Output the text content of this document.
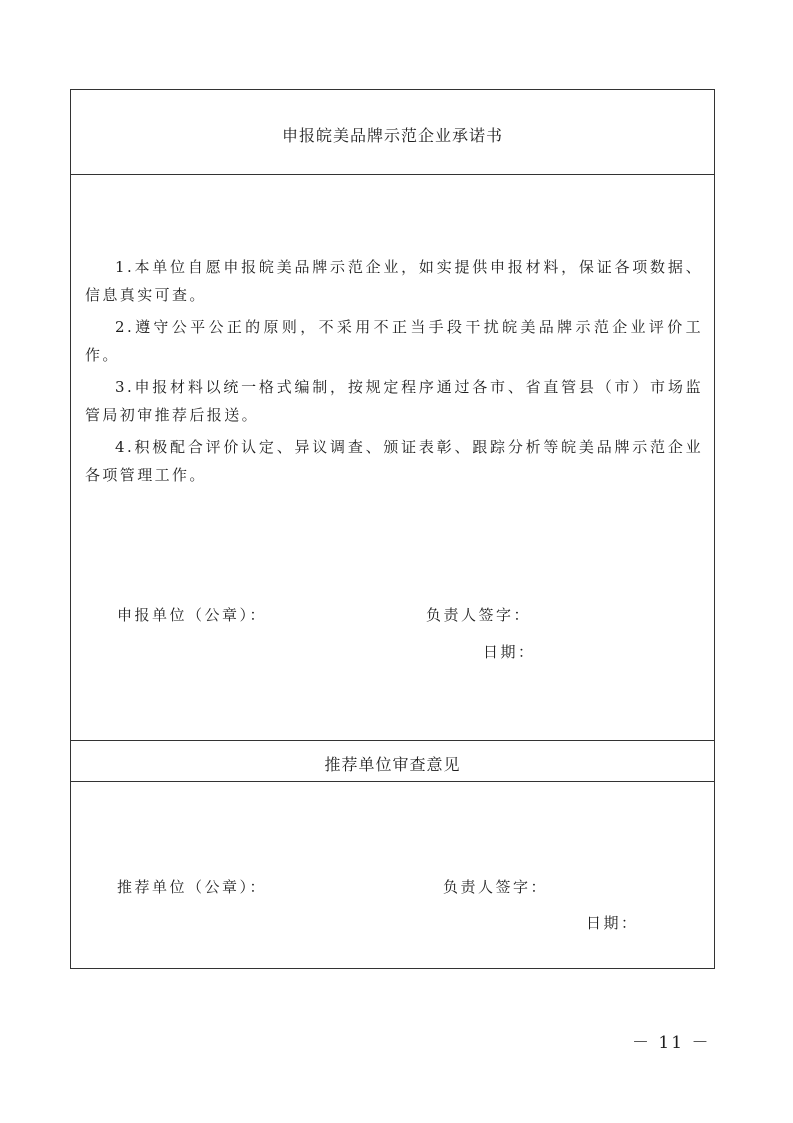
申报皖美品牌示范企业承诺书

1.本单位自愿申报皖美品牌示范企业，如实提供申报材料，保证各项数据、信息真实可查。

2.遵守公平公正的原则，不采用不正当手段干扰皖美品牌示范企业评价工作。

3.申报材料以统一格式编制，按规定程序通过各市、省直管县（市）市场监管局初审推荐后报送。

4.积极配合评价认定、异议调查、颁证表彰、跟踪分析等皖美品牌示范企业各项管理工作。

申报单位（公章）：	负责人签字：
日期：
推荐单位审查意见
推荐单位（公章）：	负责人签字：
日期：
－ 11 －
